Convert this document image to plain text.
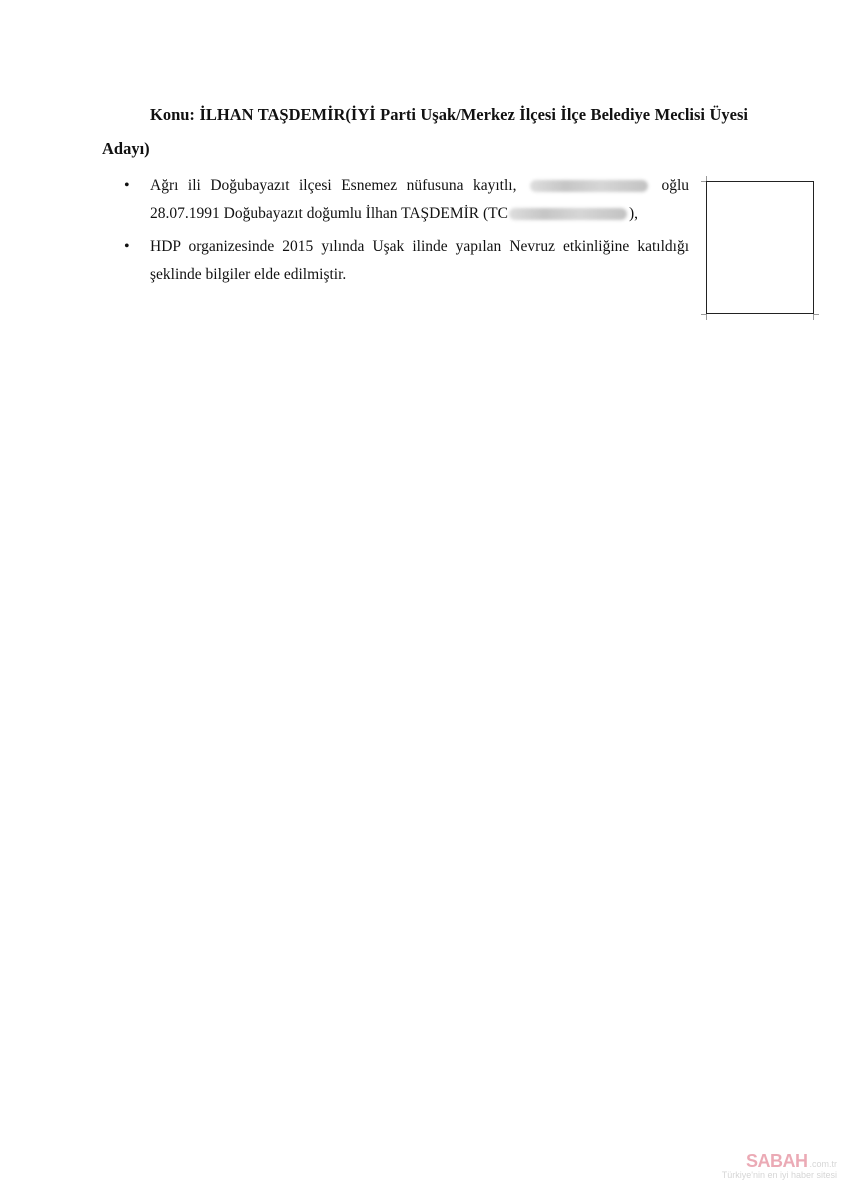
Konu: İLHAN TAŞDEMİR(İYİ Parti Uşak/Merkez İlçesi İlçe Belediye Meclisi Üyesi Adayı)
• Ağrı ili Doğubayazıt ilçesi Esnemez nüfusuna kayıtlı,	oğlu 28.07.1991 Doğubayazıt doğumlu İlhan TAŞDEMİR (TC	),
• HDP organizesinde 2015 yılında Uşak ilinde yapılan Nevruz etkinliğine katıldığı şeklinde bilgiler elde edilmiştir.
SABAH .com.tr
Türkiye'nin en iyi haber sitesi
